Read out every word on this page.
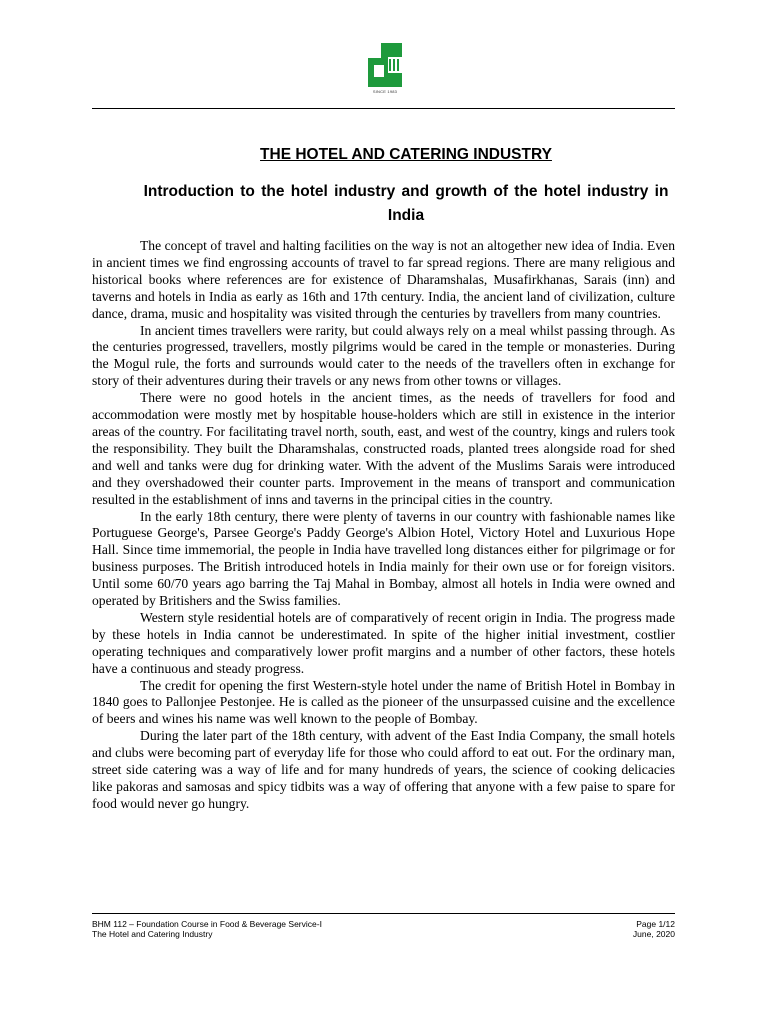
SINCE 1983
THE HOTEL AND CATERING INDUSTRY
Introduction to the hotel industry and growth of the hotel industry in India

The concept of travel and halting facilities on the way is not an altogether new idea of India. Even in ancient times we find engrossing accounts of travel to far spread regions. There are many religious and historical books where references are for existence of Dharamshalas, Musafirkhanas, Sarais (inn) and taverns and hotels in India as early as 16th and 17th century. India, the ancient land of civilization, culture dance, drama, music and hospitality was visited through the centuries by travellers from many countries.

In ancient times travellers were rarity, but could always rely on a meal whilst passing through. As the centuries progressed, travellers, mostly pilgrims would be cared in the temple or monasteries. During the Mogul rule, the forts and surrounds would cater to the needs of the travellers often in exchange for story of their adventures during their travels or any news from other towns or villages.

There were no good hotels in the ancient times, as the needs of travellers for food and accommodation were mostly met by hospitable house-holders which are still in existence in the interior areas of the country. For facilitating travel north, south, east, and west of the country, kings and rulers took the responsibility. They built the Dharamshalas, constructed roads, planted trees alongside road for shed and well and tanks were dug for drinking water. With the advent of the Muslims Sarais were introduced and they overshadowed their counter parts. Improvement in the means of transport and communication resulted in the establishment of inns and taverns in the principal cities in the country.

In the early 18th century, there were plenty of taverns in our country with fashionable names like Portuguese George's, Parsee George's Paddy George's Albion Hotel, Victory Hotel and Luxurious Hope Hall. Since time immemorial, the people in India have travelled long distances either for pilgrimage or for business purposes. The British introduced hotels in India mainly for their own use or for foreign visitors. Until some 60/70 years ago barring the Taj Mahal in Bombay, almost all hotels in India were owned and operated by Britishers and the Swiss families.

Western style residential hotels are of comparatively of recent origin in India. The progress made by these hotels in India cannot be underestimated. In spite of the higher initial investment, costlier operating techniques and comparatively lower profit margins and a number of other factors, these hotels have a continuous and steady progress.

The credit for opening the first Western-style hotel under the name of British Hotel in Bombay in 1840 goes to Pallonjee Pestonjee. He is called as the pioneer of the unsurpassed cuisine and the excellence of beers and wines his name was well known to the people of Bombay.

During the later part of the 18th century, with advent of the East India Company, the small hotels and clubs were becoming part of everyday life for those who could afford to eat out. For the ordinary man, street side catering was a way of life and for many hundreds of years, the science of cooking delicacies like pakoras and samosas and spicy tidbits was a way of offering that anyone with a few paise to spare for food would never go hungry.

BHM 112 – Foundation Course in Food & Beverage Service-I
The Hotel and Catering Industry
Page 1/12
June, 2020
